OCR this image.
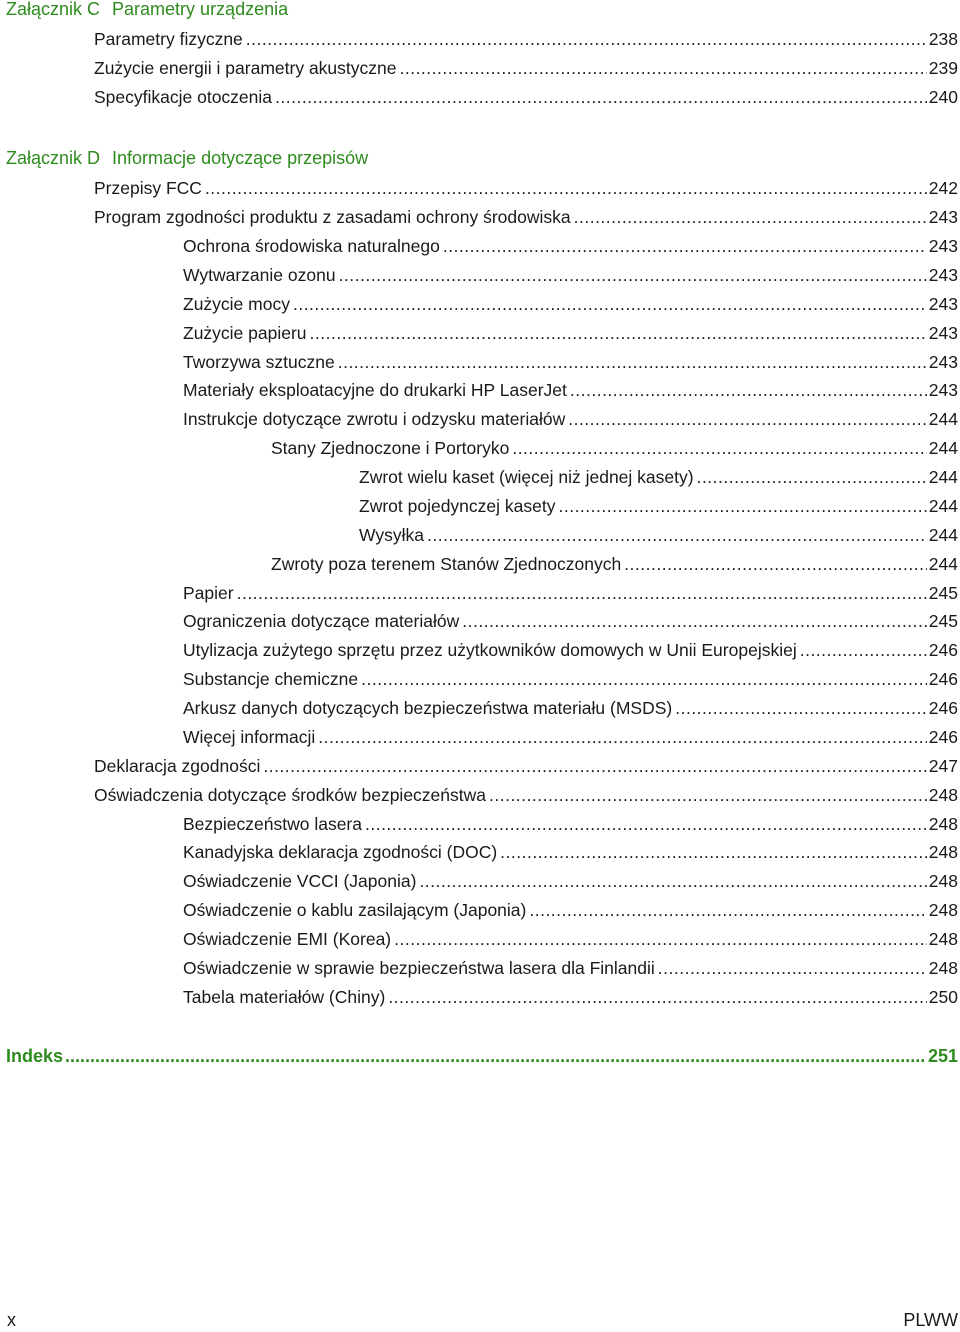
Załącznik C Parametry urządzenia
Parametry fizyczne .....	238
Zużycie energii i parametry akustyczne .....	239
Specyfikacje otoczenia .....	240
Załącznik D Informacje dotyczące przepisów
Przepisy FCC .....	242
Program zgodności produktu z zasadami ochrony środowiska .....	243
Ochrona środowiska naturalnego .....	243
Wytwarzanie ozonu .....	243
Zużycie mocy .....	243
Zużycie papieru .....	243
Tworzywa sztuczne .....	243
Materiały eksploatacyjne do drukarki HP LaserJet .....	243
Instrukcje dotyczące zwrotu i odzysku materiałów .....	244
Stany Zjednoczone i Portoryko .....	244
Zwrot wielu kaset (więcej niż jednej kasety) .....	244
Zwrot pojedynczej kasety .....	244
Wysyłka .....	244
Zwroty poza terenem Stanów Zjednoczonych .....	244
Papier .....	245
Ograniczenia dotyczące materiałów .....	245
Utylizacja zużytego sprzętu przez użytkowników domowych w Unii Europejskiej .....	246
Substancje chemiczne .....	246
Arkusz danych dotyczących bezpieczeństwa materiału (MSDS) .....	246
Więcej informacji .....	246
Deklaracja zgodności .....	247
Oświadczenia dotyczące środków bezpieczeństwa .....	248
Bezpieczeństwo lasera .....	248
Kanadyjska deklaracja zgodności (DOC) .....	248
Oświadczenie VCCI (Japonia) .....	248
Oświadczenie o kablu zasilającym (Japonia) .....	248
Oświadczenie EMI (Korea) .....	248
Oświadczenie w sprawie bezpieczeństwa lasera dla Finlandii .....	248
Tabela materiałów (Chiny) .....	250
Indeks .....	251
x	PLWW
